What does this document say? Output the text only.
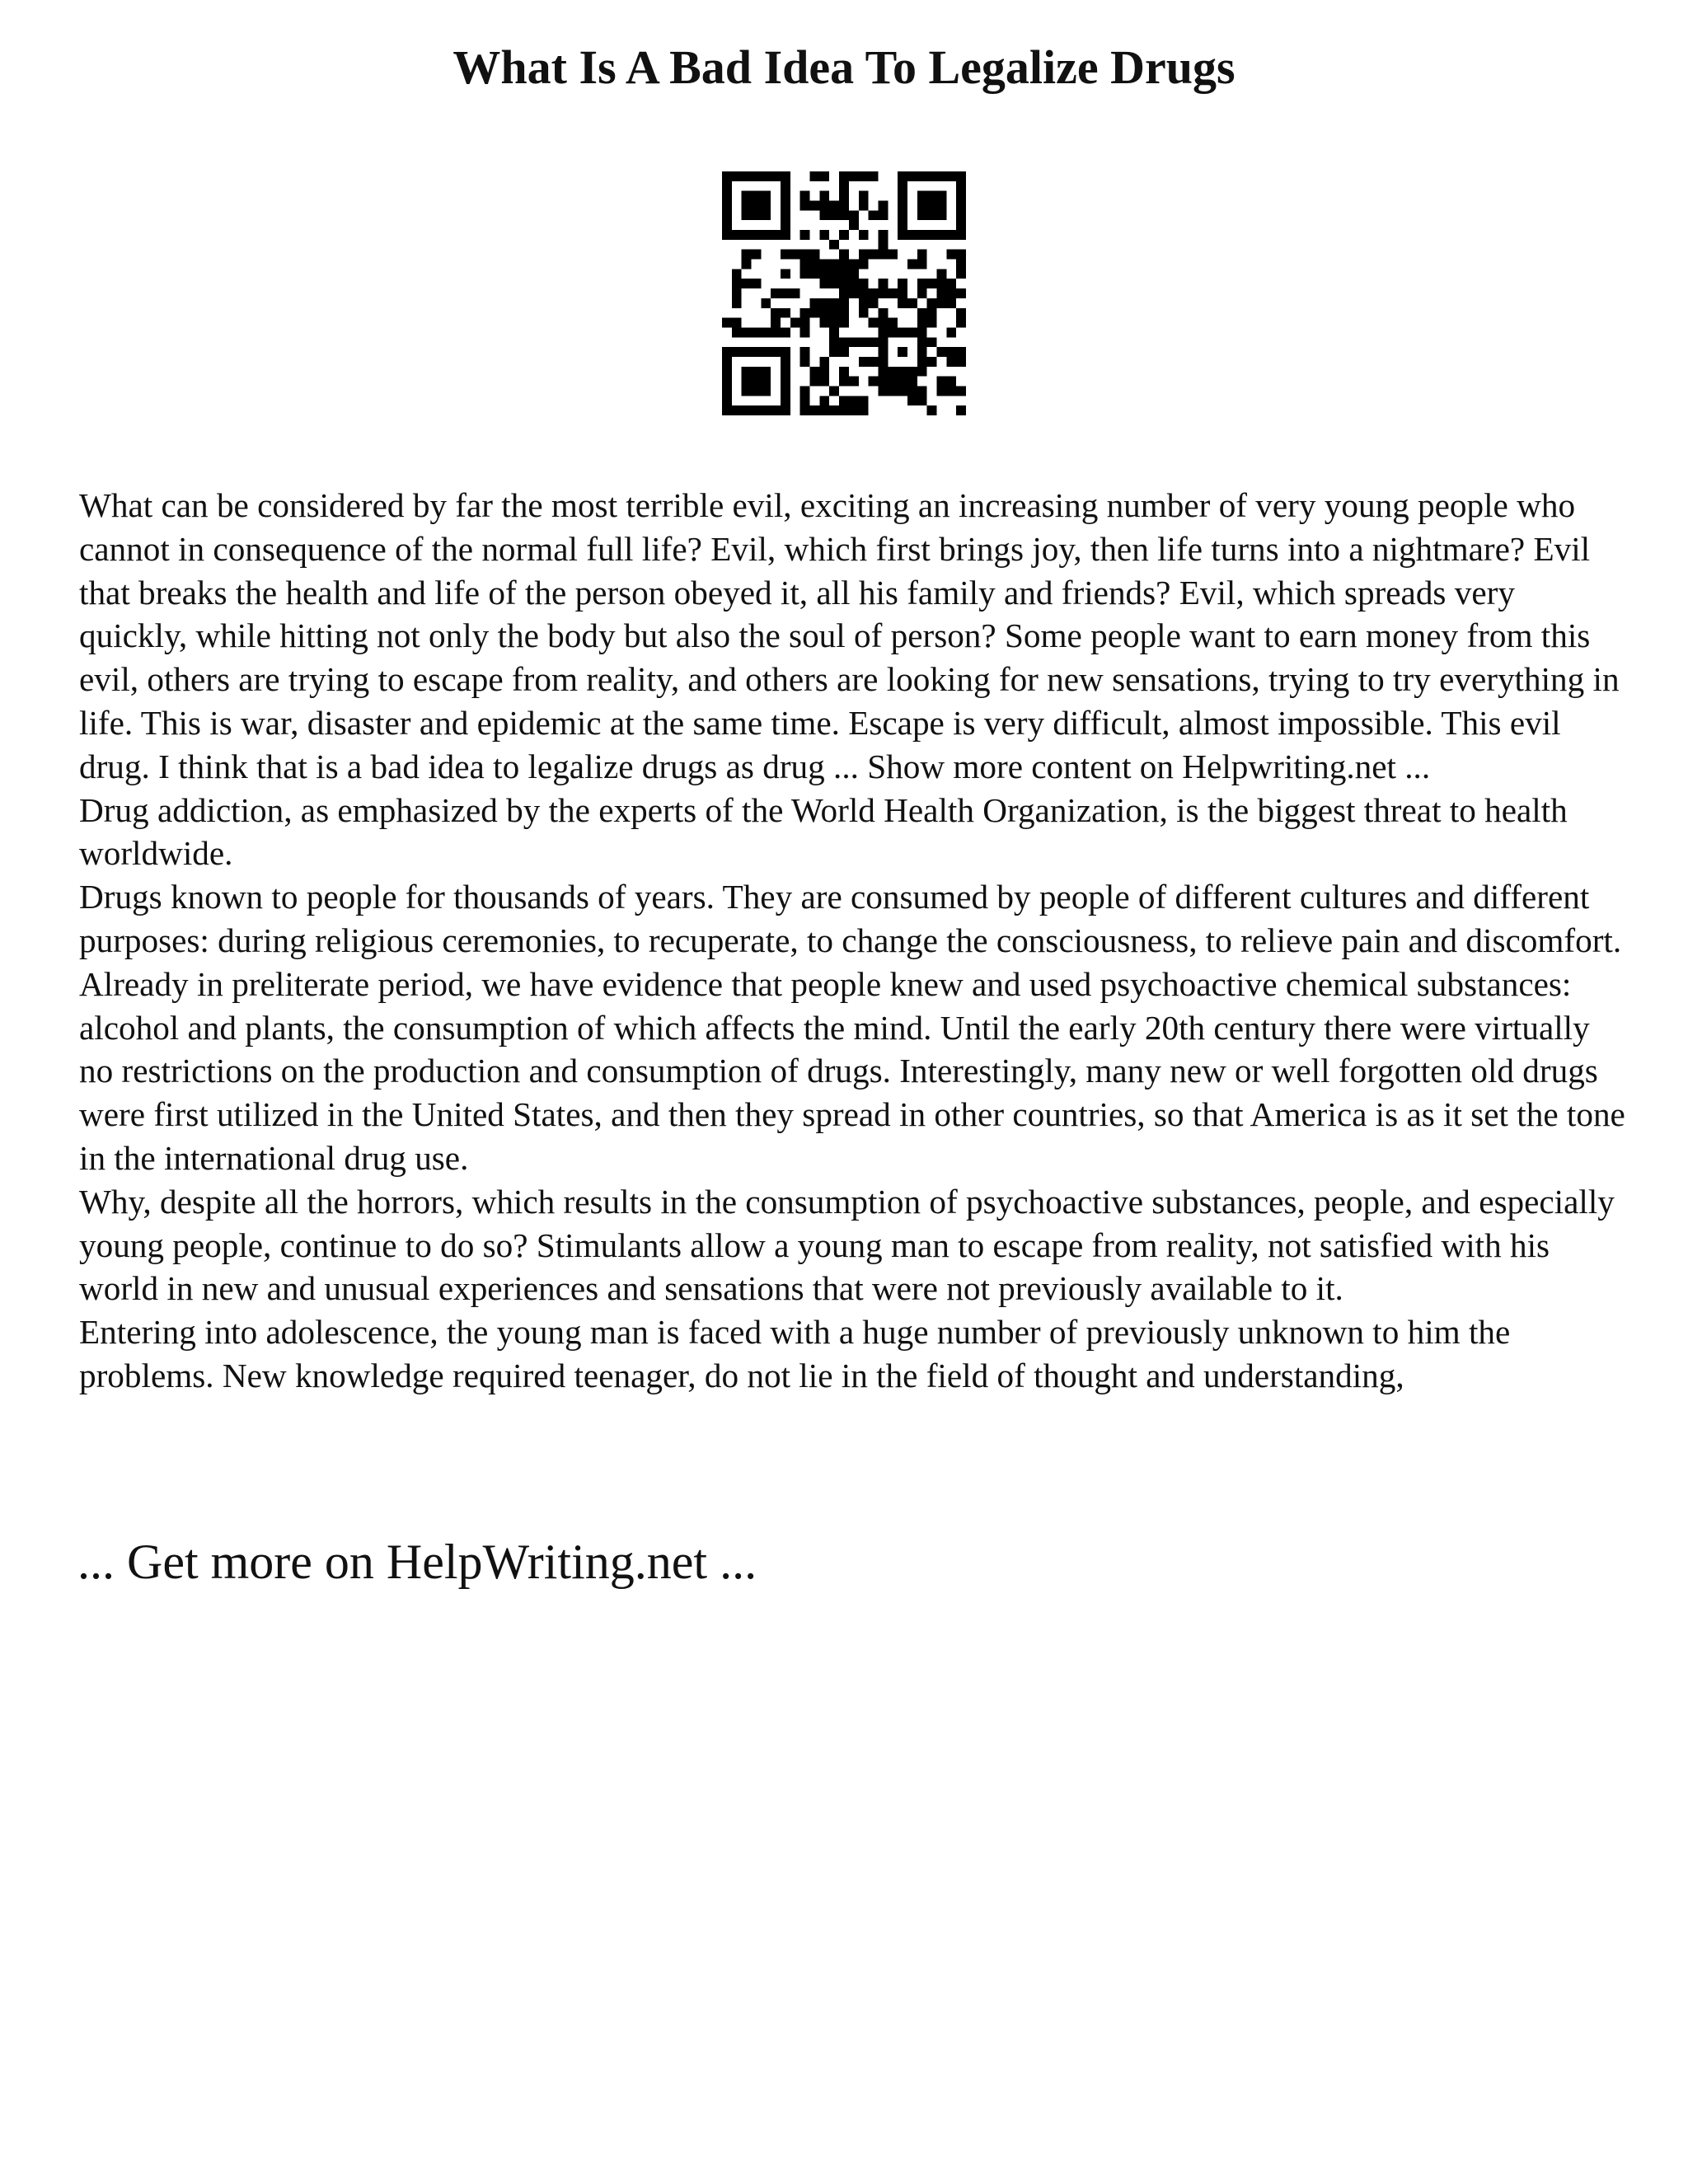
What Is A Bad Idea To Legalize Drugs

What can be considered by far the most terrible evil, exciting an increasing number of very young people who cannot in consequence of the normal full life? Evil, which first brings joy, then life turns into a nightmare? Evil that breaks the health and life of the person obeyed it, all his family and friends? Evil, which spreads very quickly, while hitting not only the body but also the soul of person? Some people want to earn money from this evil, others are trying to escape from reality, and others are looking for new sensations, trying to try everything in life. This is war, disaster and epidemic at the same time. Escape is very difficult, almost impossible. This evil drug. I think that is a bad idea to legalize drugs as drug ... Show more content on Helpwriting.net ...

Drug addiction, as emphasized by the experts of the World Health Organization, is the biggest threat to health worldwide.

Drugs known to people for thousands of years. They are consumed by people of different cultures and different purposes: during religious ceremonies, to recuperate, to change the consciousness, to relieve pain and discomfort. Already in preliterate period, we have evidence that people knew and used psychoactive chemical substances: alcohol and plants, the consumption of which affects the mind. Until the early 20th century there were virtually no restrictions on the production and consumption of drugs. Interestingly, many new or well forgotten old drugs were first utilized in the United States, and then they spread in other countries, so that America is as it set the tone in the international drug use.

Why, despite all the horrors, which results in the consumption of psychoactive substances, people, and especially young people, continue to do so? Stimulants allow a young man to escape from reality, not satisfied with his world in new and unusual experiences and sensations that were not previously available to it.

Entering into adolescence, the young man is faced with a huge number of previously unknown to him the problems. New knowledge required teenager, do not lie in the field of thought and understanding,

... Get more on HelpWriting.net ...
